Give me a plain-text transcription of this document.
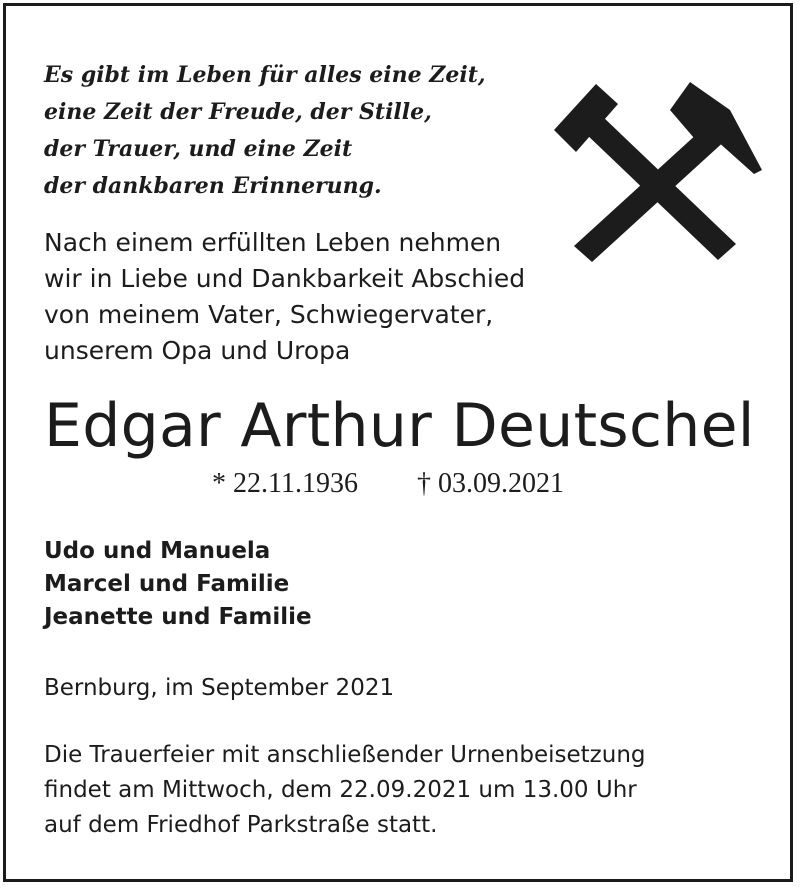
Es gibt im Leben für alles eine Zeit,
eine Zeit der Freude, der Stille,
der Trauer, und eine Zeit
der dankbaren Erinnerung.
Nach einem erfüllten Leben nehmen
wir in Liebe und Dankbarkeit Abschied
von meinem Vater, Schwiegervater,
unserem Opa und Uropa
Edgar Arthur Deutschel
* 22.11.1936 † 03.09.2021
Udo und Manuela
Marcel und Familie
Jeanette und Familie
Bernburg, im September 2021
Die Trauerfeier mit anschließender Urnenbeisetzung
findet am Mittwoch, dem 22.09.2021 um 13.00 Uhr
auf dem Friedhof Parkstraße statt.
